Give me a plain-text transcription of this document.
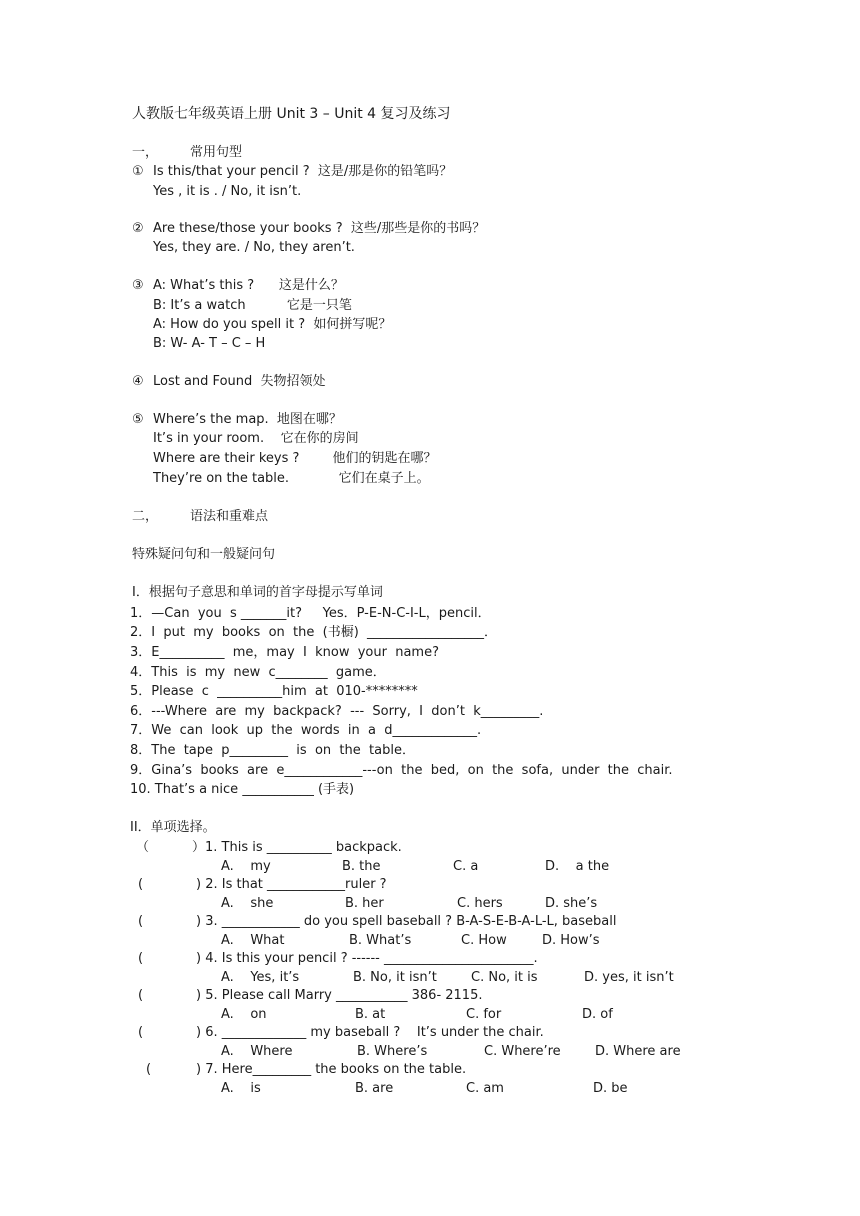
人教版七年级英语上册 Unit 3 – Unit 4 复习及练习
一， 常用句型
① Is this/that your pencil ?  这是/那是你的铅笔吗？
Yes , it is . / No, it isn’t.
② Are these/those your books ?  这些/那些是你的书吗？
Yes, they are. / No, they aren’t.
③ A: What’s this ?      这是什么？
B: It’s a watch          它是一只笔
A: How do you spell it ?  如何拼写呢？
B: W- A- T – C – H
④ Lost and Found  失物招领处
⑤ Where’s the map.  地图在哪？
It’s in your room.    它在你的房间
Where are their keys ?        他们的钥匙在哪？
They’re on the table.            它们在桌子上。
二， 语法和重难点
特殊疑问句和一般疑问句
Ⅰ．根据句子意思和单词的首字母提示写单词
1．—Can  you  s _______it?     Yes．P-E-N-C-I-L，pencil．
2．I  put  my  books  on  the  (书橱)  __________________．
3．E__________  me，may  I  know  your  name?
4．This  is  my  new  c________  game．
5．Please  c  __________him  at  010-********
6．---Where  are  my  backpack?  ---  Sorry,  I  don’t  k_________.
7．We  can  look  up  the  words  in  a  d_____________.
8．The  tape  p_________  is  on  the  table．
9．Gina’s  books  are  e____________---on  the  bed,  on  the  sofa,  under  the  chair.
10. That’s a nice ___________ (手表)
II．单项选择。
（	）1. This is __________ backpack.
A.    my	B. the	C. a	D.    a the
(	) 2. Is that ____________ruler ?
A.    she	B. her	C. hers	D. she’s
(	) 3. ____________ do you spell baseball ? B-A-S-E-B-A-L-L, baseball
A.    What	B. What’s	C. How	D. How’s
(	) 4. Is this your pencil ? ------ _______________________.
A.    Yes, it’s	B. No, it isn’t	C. No, it is	D. yes, it isn’t
(	) 5. Please call Marry ___________ 386- 2115.
A.    on	B. at	C. for	D. of
(	) 6. _____________ my baseball ?    It’s under the chair.
A.    Where	B. Where’s	C. Where’re	D. Where are
(	) 7. Here_________ the books on the table.
A.    is	B. are	C. am	D. be
